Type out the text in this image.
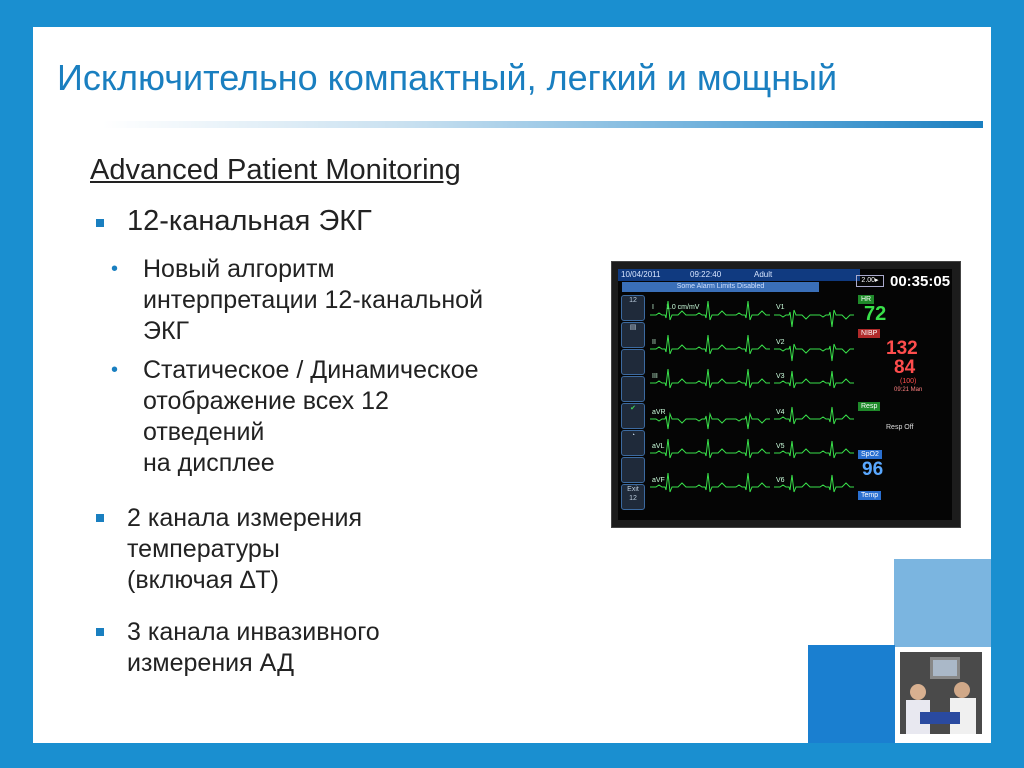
Исключительно компактный, легкий и мощный
Advanced Patient Monitoring
12-канальная ЭКГ
• Новый алгоритм
интерпретации 12-канальной
ЭКГ
• Статическое / Динамическое
отображение всех 12
отведений
на дисплее
2 канала измерения
температуры
(включая ∆T)
3 канала инвазивного
измерения АД
10/04/2011	09:22:40	Adult
Some Alarm Limits Disabled
12
▤
✔
◔
Exit
12
I 1.0 cm/mV
II
III
aVR
aVL
aVF
V1
V2
V3
V4
V5
V6
2.00▸ 00:35:05
HR
72
NIBP
132
84
(100)
09:21 Man
Resp
Resp Off
SpO2
96
Temp
